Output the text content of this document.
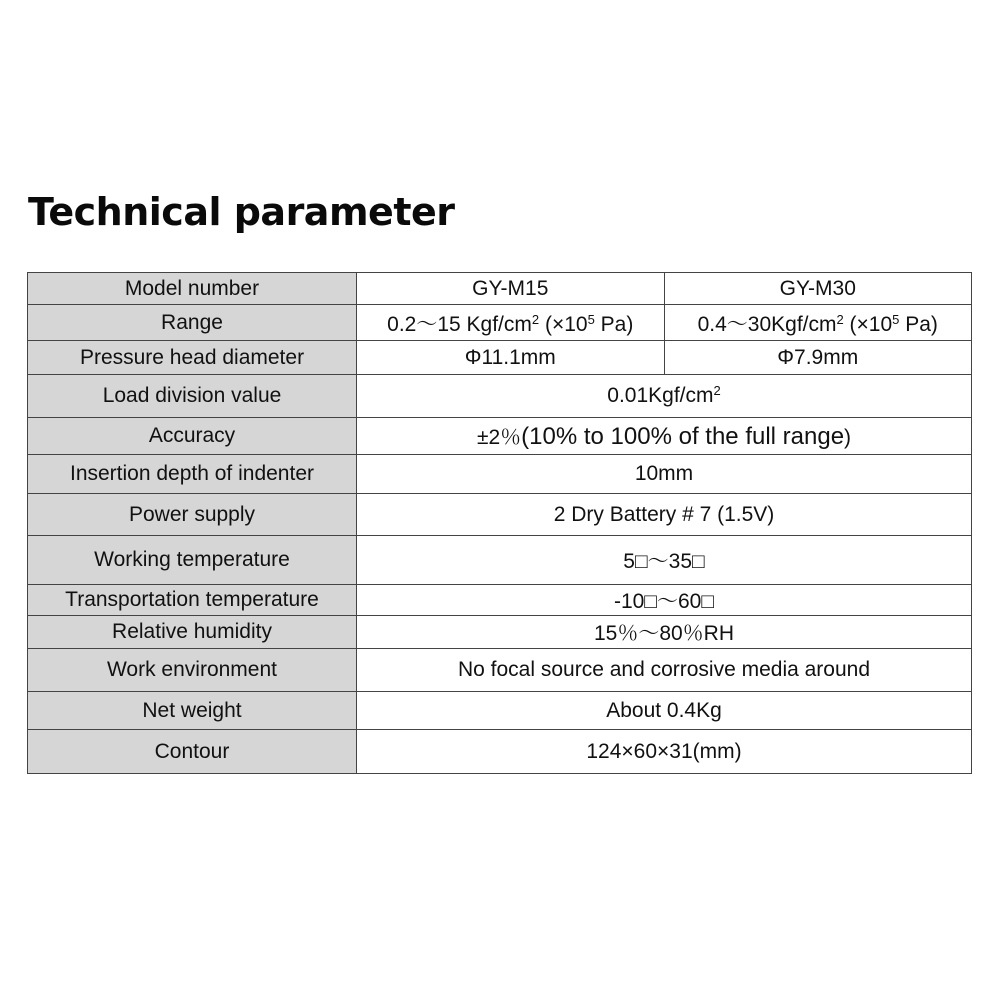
Technical parameter
Model number	GY-M15	GY-M30
Range	0.2～15 Kgf/$cm^2$ ($\times 10^5$ Pa)	$0.4\sim 30Kgf/cm^2$ ($\times 10^5$ Pa)
Pressure head diameter	Φ11.1mm	Φ7.9mm
Load division value	$0.01Kgf/cm^2$
Accuracy	±2％(10% to 100% of the full range)	
Insertion depth of indenter	10mm	
Power supply	2 Dry Battery # 7 (1.5V)	
Working temperature	5□～35□	
Transportation temperature	-10□～60□	
Relative humidity	15％～80％RH	
Work environment	No focal source and corrosive media around	
Net weight	About 0.4Kg	
Contour	124×60×31(mm)	
